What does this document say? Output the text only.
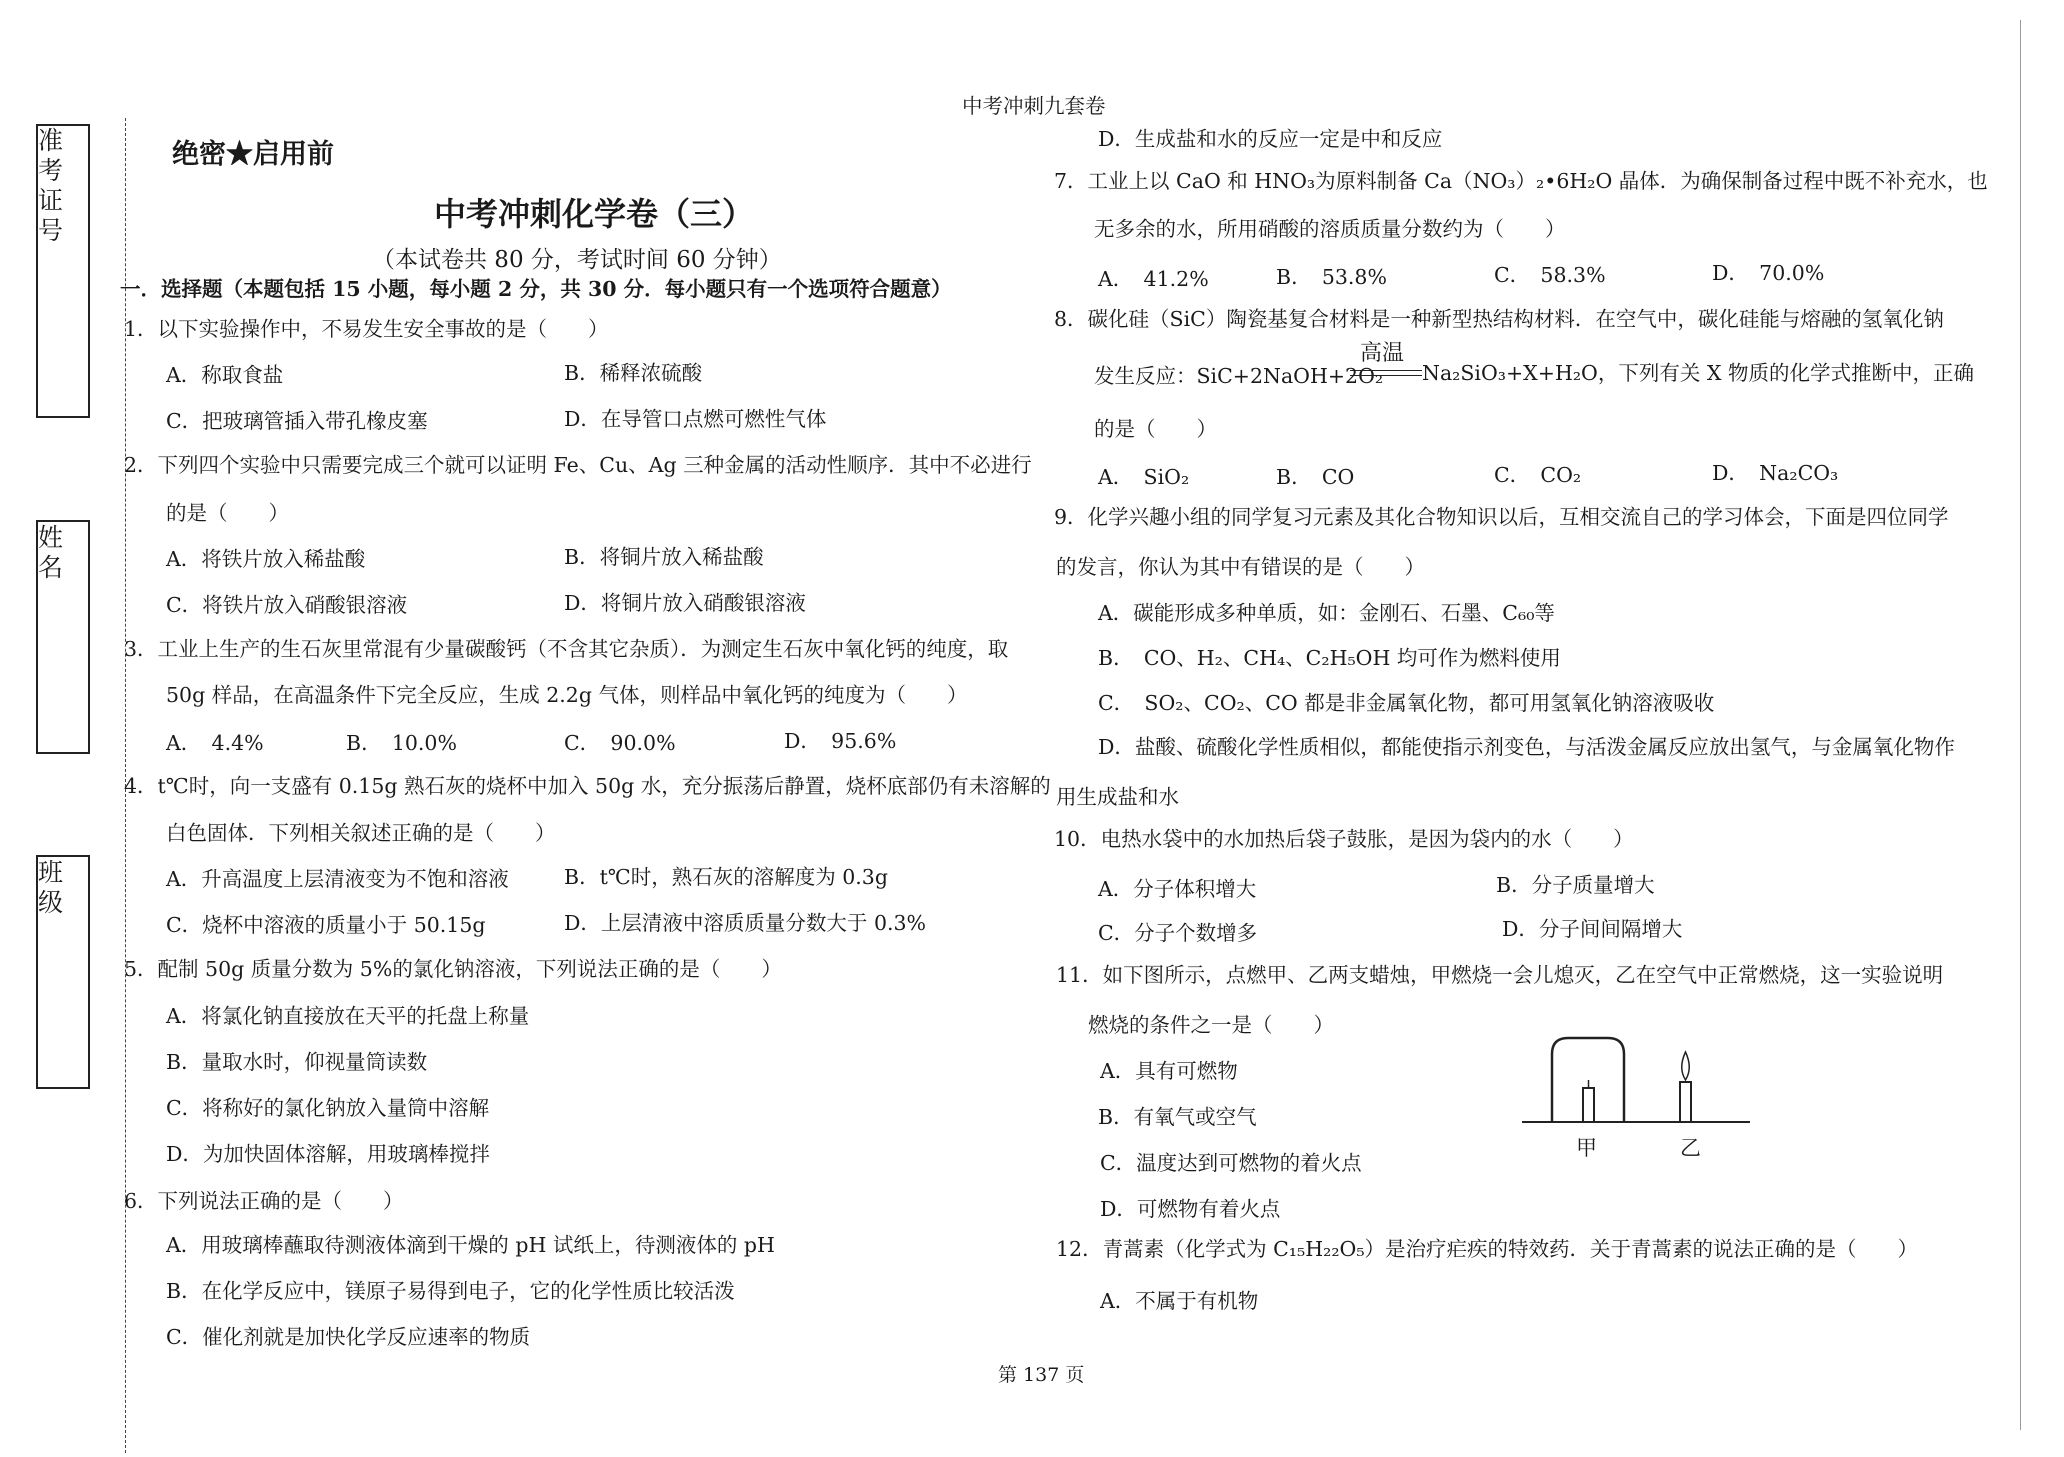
准考证号
姓名
班级
中考冲刺九套卷
绝密★启用前
中考冲刺化学卷（三）
（本试卷共 80 分，考试时间 60 分钟）
一．选择题（本题包括 15 小题，每小题 2 分，共 30 分．每小题只有一个选项符合题意）
1．以下实验操作中，不易发生安全事故的是（　　）
A．称取食盐	B．稀释浓硫酸
C．把玻璃管插入带孔橡皮塞	D．在导管口点燃可燃性气体
2．下列四个实验中只需要完成三个就可以证明 Fe、Cu、Ag 三种金属的活动性顺序．其中不必进行
的是（　　）
A．将铁片放入稀盐酸	B．将铜片放入稀盐酸
C．将铁片放入硝酸银溶液	D．将铜片放入硝酸银溶液
3．工业上生产的生石灰里常混有少量碳酸钙（不含其它杂质）．为测定生石灰中氧化钙的纯度，取
50g 样品，在高温条件下完全反应，生成 2.2g 气体，则样品中氧化钙的纯度为（　　）
A．　4.4%	B．　10.0%	C．　90.0%	D．　95.6%
4．t℃时，向一支盛有 0.15g 熟石灰的烧杯中加入 50g 水，充分振荡后静置，烧杯底部仍有未溶解的
白色固体．下列相关叙述正确的是（　　）
A．升高温度上层清液变为不饱和溶液	B．t℃时，熟石灰的溶解度为 0.3g
C．烧杯中溶液的质量小于 50.15g	D．上层清液中溶质质量分数大于 0.3%
5．配制 50g 质量分数为 5%的氯化钠溶液，下列说法正确的是（　　）
A．将氯化钠直接放在天平的托盘上称量
B．量取水时，仰视量筒读数
C．将称好的氯化钠放入量筒中溶解
D．为加快固体溶解，用玻璃棒搅拌
6．下列说法正确的是（　　）
A．用玻璃棒蘸取待测液体滴到干燥的 pH 试纸上，待测液体的 pH
B．在化学反应中，镁原子易得到电子，它的化学性质比较活泼
C．催化剂就是加快化学反应速率的物质
D．生成盐和水的反应一定是中和反应
7．工业上以 CaO 和 HNO₃为原料制备 Ca（NO₃）₂•6H₂O 晶体．为确保制备过程中既不补充水，也
无多余的水，所用硝酸的溶质质量分数约为（　　）
A．　41.2%	B．　53.8%	C．　58.3%	D．　70.0%
8．碳化硅（SiC）陶瓷基复合材料是一种新型热结构材料．在空气中，碳化硅能与熔融的氢氧化钠
发生反应：SiC+2NaOH+2O₂
高温
Na₂SiO₃+X+H₂O，下列有关 X 物质的化学式推断中，正确
的是（　　）
A．　SiO₂	B．　CO	C．　CO₂	D．　Na₂CO₃
9．化学兴趣小组的同学复习元素及其化合物知识以后，互相交流自己的学习体会，下面是四位同学
的发言，你认为其中有错误的是（　　）
A．碳能形成多种单质，如：金刚石、石墨、C₆₀等
B．　CO、H₂、CH₄、C₂H₅OH 均可作为燃料使用
C．　SO₂、CO₂、CO 都是非金属氧化物，都可用氢氧化钠溶液吸收
D．盐酸、硫酸化学性质相似，都能使指示剂变色，与活泼金属反应放出氢气，与金属氧化物作
用生成盐和水
10．电热水袋中的水加热后袋子鼓胀，是因为袋内的水（　　）
A．分子体积增大	B．分子质量增大
C．分子个数增多	D．分子间间隔增大
11．如下图所示，点燃甲、乙两支蜡烛，甲燃烧一会儿熄灭，乙在空气中正常燃烧，这一实验说明
燃烧的条件之一是（　　）
A．具有可燃物
B．有氧气或空气
C．温度达到可燃物的着火点
D．可燃物有着火点
甲	乙
12．青蒿素（化学式为 C₁₅H₂₂O₅）是治疗疟疾的特效药．关于青蒿素的说法正确的是（　　）
A．不属于有机物
第 137 页
